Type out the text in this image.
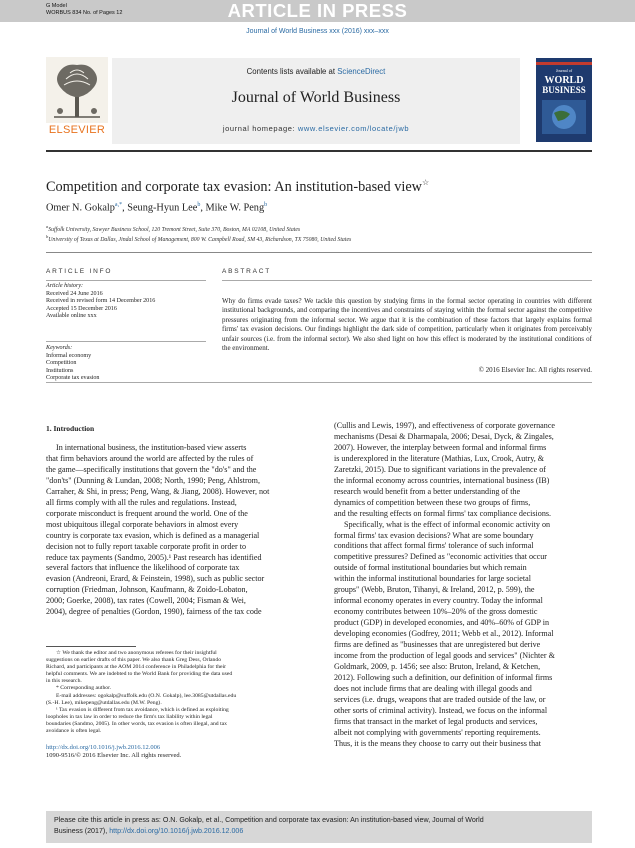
G Model
WORBUS 834 No. of Pages 12	ARTICLE IN PRESS
Journal of World Business xxx (2016) xxx–xxx
ELSEVIER
Contents lists available at ScienceDirect
Journal of World Business
journal homepage: www.elsevier.com/locate/jwb
Journal of
WORLD
BUSINESS
Competition and corporate tax evasion: An institution-based view☆
Omer N. Gokalp$^{a,*}$, Seung-Hyun Lee$^b$, Mike W. Peng$^b$
$^a$Suffolk University, Sawyer Business School, 120 Tremont Street, Suite 370, Boston, MA 02108, United States
$^b$University of Texas at Dallas, Jindal School of Management, 800 W. Campbell Road, SM 43, Richardson, TX 75080, United States
ARTICLE INFO
Article history:
Received 24 June 2016
Received in revised form 14 December 2016
Accepted 15 December 2016
Available online xxx
Keywords:
Informal economy
Competition
Institutions
Corporate tax evasion
ABSTRACT
Why do firms evade taxes? We tackle this question by studying firms in the formal sector operating in countries with different institutional backgrounds, and comparing the incentives and constraints of staying within the formal sector against the competitive pressures originating from the informal sector. We argue that it is the combination of these factors that largely explains formal firms' tax evasion decisions. Our findings highlight the dark side of competition, particularly when it originates from perceivably unfair sources (i.e. from the informal sector). We also shed light on how this effect is moderated by the institutional conditions of the environment.
© 2016 Elsevier Inc. All rights reserved.
1. Introduction
In international business, the institution-based view asserts
that firm behaviors around the world are affected by the rules of
the game—specifically institutions that govern the "do's" and the
"don'ts" (Dunning & Lundan, 2008; North, 1990; Peng, Ahlstrom,
Carraher, & Shi, in press; Peng, Wang, & Jiang, 2008). However, not
all firms comply with all the rules and regulations. Instead,
corporate misconduct is frequent around the world. One of the
most ubiquitous illegal corporate behaviors in almost every
country is corporate tax evasion, which is defined as a managerial
decision not to fully report taxable corporate profit in order to
reduce tax payments (Sandmo, 2005).¹ Past research has identified
several factors that influence the likelihood of corporate tax
evasion (Andreoni, Erard, & Feinstein, 1998), such as public sector
corruption (Friedman, Johnson, Kaufmann, & Zoido-Lobaton,
2000; Goerke, 2008), tax rates (Cowell, 2004; Fisman & Wei,
2004), degree of penalties (Gordon, 1990), fairness of the tax code
(Cullis and Lewis, 1997), and effectiveness of corporate governance
mechanisms (Desai & Dharmapala, 2006; Desai, Dyck, & Zingales,
2007). However, the interplay between formal and informal firms
is underexplored in the literature (Mathias, Lux, Crook, Autry, &
Zaretzki, 2015). Due to significant variations in the prevalence of
the informal economy across countries, international business (IB)
research would benefit from a better understanding of the
dynamics of competition between these two groups of firms,
and the resulting effects on formal firms' tax compliance decisions.
Specifically, what is the effect of informal economic activity on
formal firms' tax evasion decisions? What are some boundary
conditions that affect formal firms' tolerance of such informal
competitive pressures? Defined as "economic activities that occur
outside of formal institutional boundaries but which remain
within the informal institutional boundaries for large societal
groups" (Webb, Bruton, Tihanyi, & Ireland, 2012, p. 599), the
informal economy operates in every country. Today the informal
economy contributes between 10%–20% of the gross domestic
product (GDP) in developed economies, and 40%–60% of GDP in
developing economies (Godfrey, 2011; Webb et al., 2012). Informal
firms are defined as "businesses that are unregistered but derive
income from the production of legal goods and services" (Nichter &
Goldmark, 2009, p. 1456; see also: Bruton, Ireland, & Ketchen,
2012). Following such a definition, our definition of informal firms
does not include firms that are dealing with illegal goods and
services (i.e. drugs, weapons that are traded outside of the law, or
other sorts of criminal activity). Instead, we focus on the informal
firms that transact in the market of legal products and services,
albeit not complying with governments' reporting requirements.
Thus, it is the means they choose to carry out their business that
☆ We thank the editor and two anonymous referees for their insightful
suggestions on earlier drafts of this paper. We also thank Greg Dess, Orlando
Richard, and participants at the AOM 2014 conference in Philadelphia for their
helpful comments. We are indebted to the World Bank for providing the data used
in this research.
* Corresponding author.
E-mail addresses: ogokalp@suffolk.edu (O.N. Gokalp), lee.3085@utdallas.edu
(S.-H. Lee), mikepeng@utdallas.edu (M.W. Peng).
¹ Tax evasion is different from tax avoidance, which is defined as exploiting
loopholes in tax law in order to reduce the firm's tax liability within legal
boundaries (Sandmo, 2005). In other words, tax evasion is often illegal, and tax
avoidance is often legal.
http://dx.doi.org/10.1016/j.jwb.2016.12.006
1090-9516/© 2016 Elsevier Inc. All rights reserved.
Please cite this article in press as: O.N. Gokalp, et al., Competition and corporate tax evasion: An institution-based view, Journal of World
Business (2017), http://dx.doi.org/10.1016/j.jwb.2016.12.006
